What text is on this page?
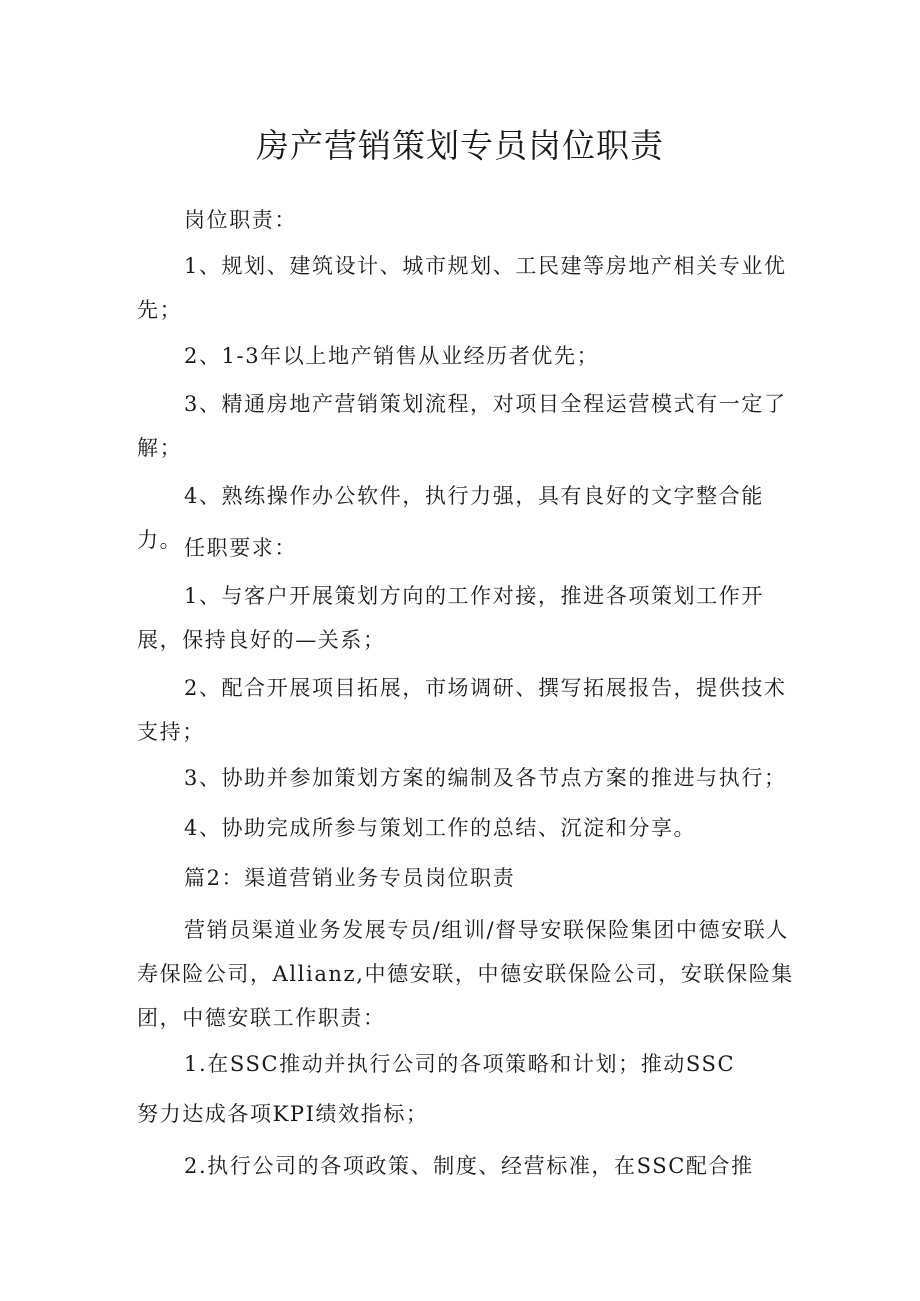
房产营销策划专员岗位职责

岗位职责：

1、规划、建筑设计、城市规划、工民建等房地产相关专业优先；

2、1-3年以上地产销售从业经历者优先；

3、精通房地产营销策划流程，对项目全程运营模式有一定了解；

4、熟练操作办公软件，执行力强，具有良好的文字整合能力。 任职要求：

1、与客户开展策划方向的工作对接，推进各项策划工作开展，保持良好的—关系；

2、配合开展项目拓展，市场调研、撰写拓展报告，提供技术支持；

3、协助并参加策划方案的编制及各节点方案的推进与执行；

4、协助完成所参与策划工作的总结、沉淀和分享。

篇2：渠道营销业务专员岗位职责

营销员渠道业务发展专员/组训/督导安联保险集团中德安联人寿保险公司，Allianz,中德安联，中德安联保险公司，安联保险集团，中德安联工作职责：

1.在SSC推动并执行公司的各项策略和计划；推动SSC

努力达成各项KPI绩效指标；

2.执行公司的各项政策、制度、经营标准，在SSC配合推
